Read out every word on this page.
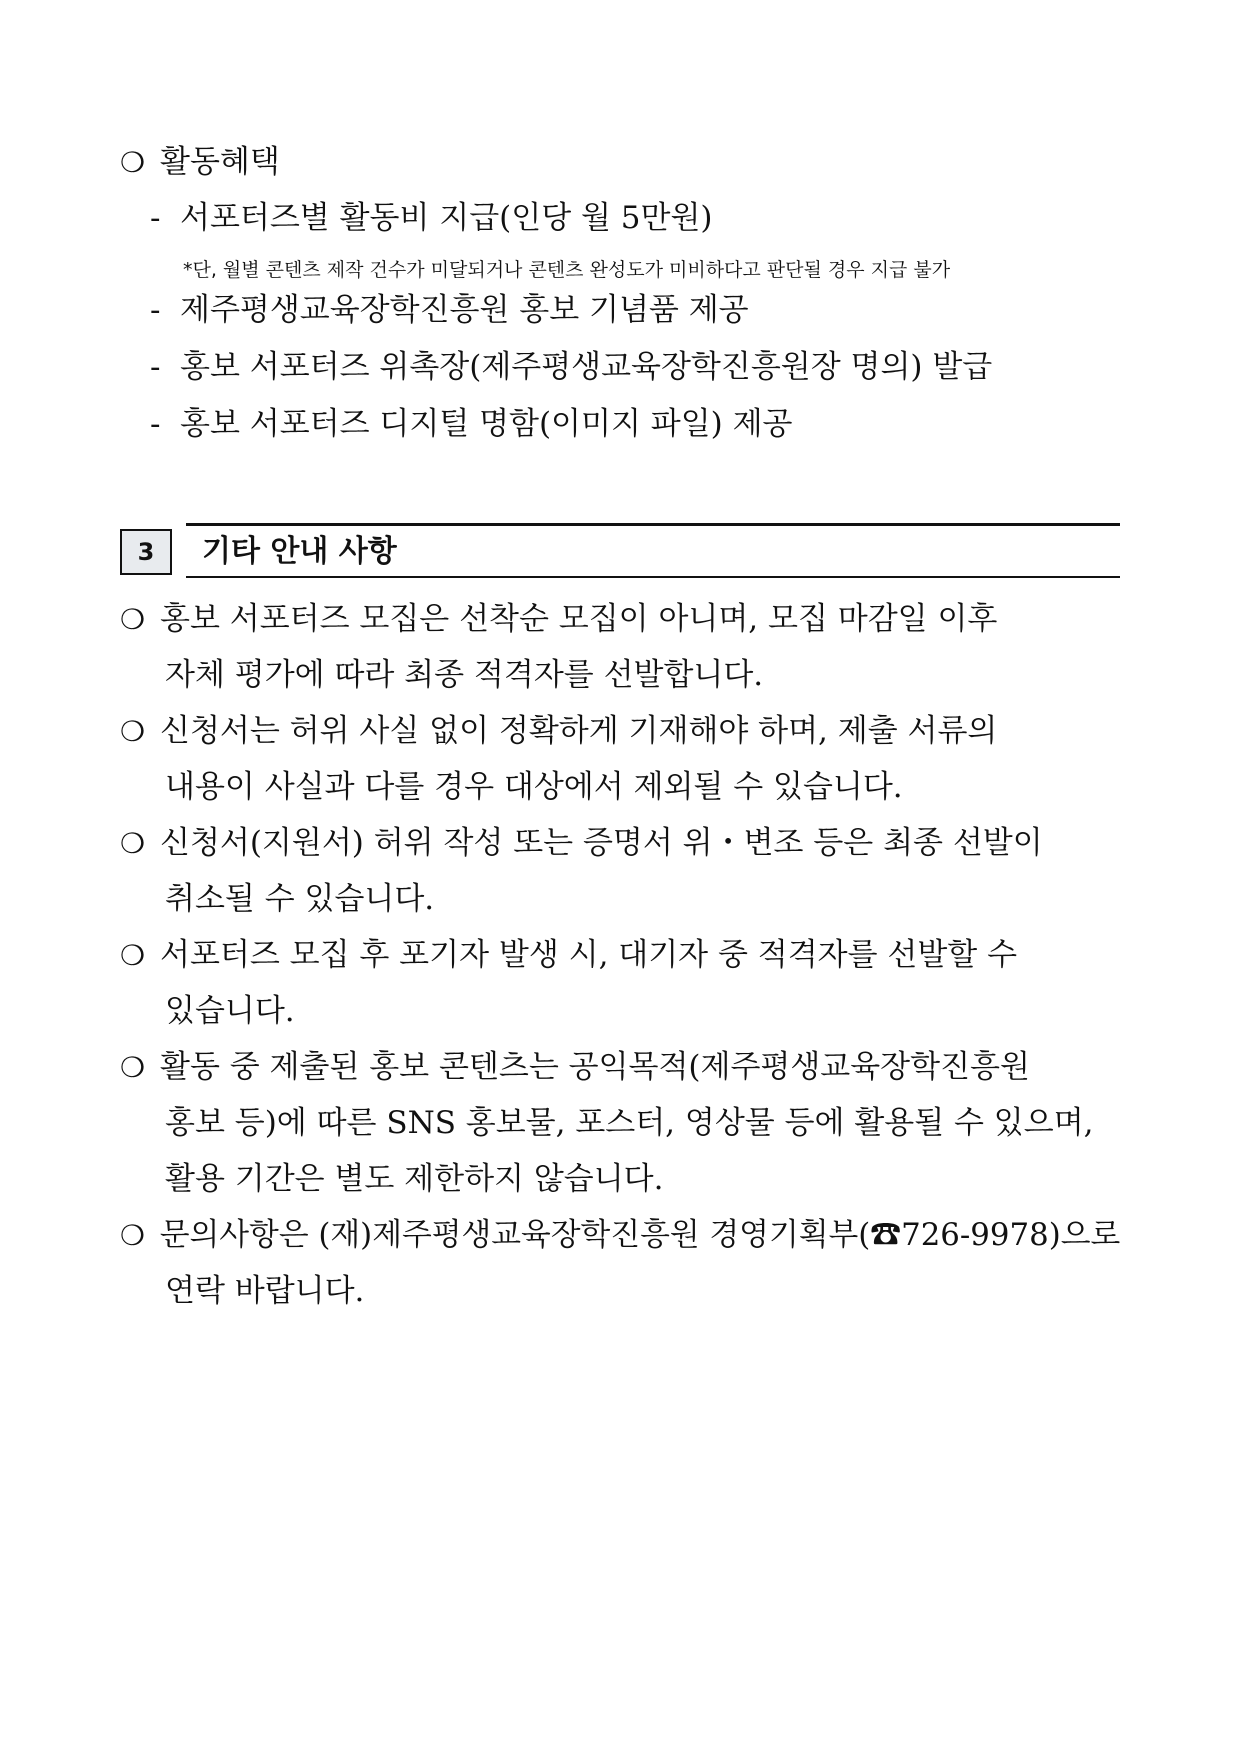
❍ 활동혜택
- 서포터즈별 활동비 지급(인당 월 5만원)
*단, 월별 콘텐츠 제작 건수가 미달되거나 콘텐츠 완성도가 미비하다고 판단될 경우 지급 불가
- 제주평생교육장학진흥원 홍보 기념품 제공
- 홍보 서포터즈 위촉장(제주평생교육장학진흥원장 명의) 발급
- 홍보 서포터즈 디지털 명함(이미지 파일) 제공
3	기타 안내 사항
❍ 홍보 서포터즈 모집은 선착순 모집이 아니며, 모집 마감일 이후
자체 평가에 따라 최종 적격자를 선발합니다.
❍ 신청서는 허위 사실 없이 정확하게 기재해야 하며, 제출 서류의
내용이 사실과 다를 경우 대상에서 제외될 수 있습니다.
❍ 신청서(지원서) 허위 작성 또는 증명서 위・변조 등은 최종 선발이
취소될 수 있습니다.
❍ 서포터즈 모집 후 포기자 발생 시, 대기자 중 적격자를 선발할 수
있습니다.
❍ 활동 중 제출된 홍보 콘텐츠는 공익목적(제주평생교육장학진흥원
홍보 등)에 따른 SNS 홍보물, 포스터, 영상물 등에 활용될 수 있으며,
활용 기간은 별도 제한하지 않습니다.
❍ 문의사항은 (재)제주평생교육장학진흥원 경영기획부(☎726-9978)으로
연락 바랍니다.
